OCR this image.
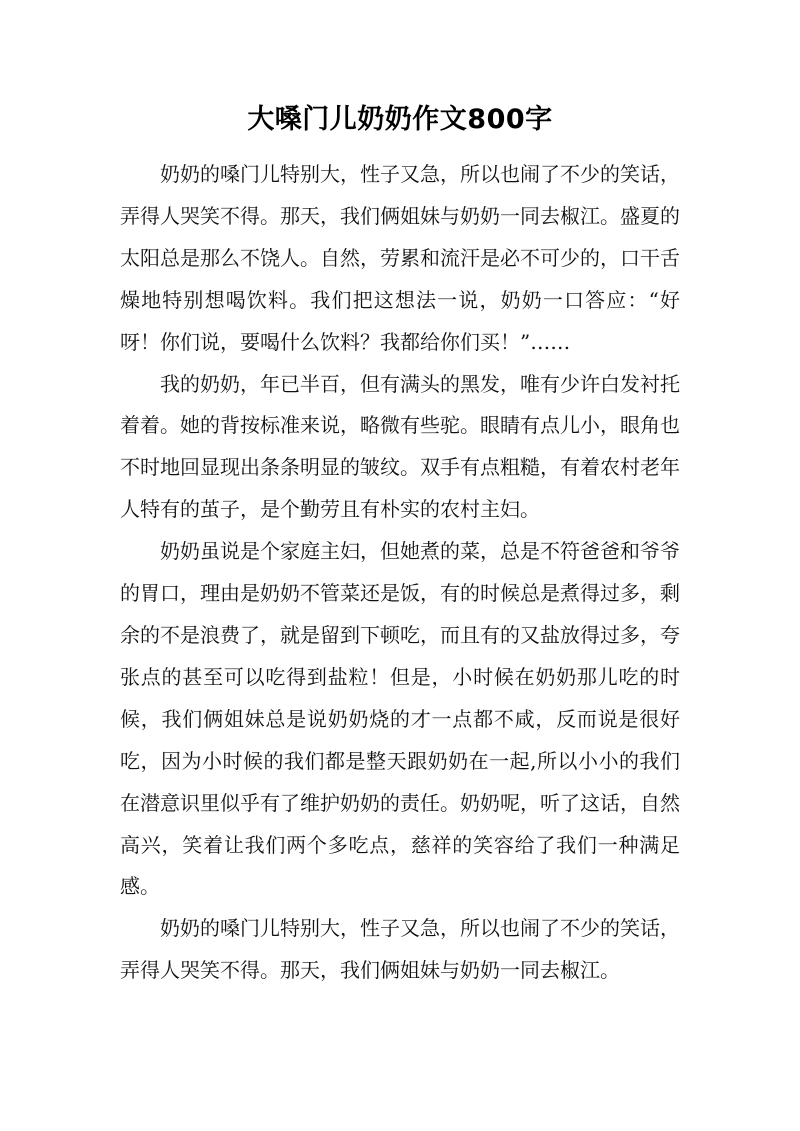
大嗓门儿奶奶作文800字

奶奶的嗓门儿特别大，性子又急，所以也闹了不少的笑话，弄得人哭笑不得。那天，我们俩姐妹与奶奶一同去椒江。盛夏的太阳总是那么不饶人。自然，劳累和流汗是必不可少的，口干舌燥地特别想喝饮料。我们把这想法一说，奶奶一口答应：“好呀！你们说，要喝什么饮料？我都给你们买！”……

我的奶奶，年已半百，但有满头的黑发，唯有少许白发衬托着着。她的背按标准来说，略微有些驼。眼睛有点儿小，眼角也不时地回显现出条条明显的皱纹。双手有点粗糙，有着农村老年人特有的茧子，是个勤劳且有朴实的农村主妇。

奶奶虽说是个家庭主妇，但她煮的菜，总是不符爸爸和爷爷的胃口，理由是奶奶不管菜还是饭，有的时候总是煮得过多，剩余的不是浪费了，就是留到下顿吃，而且有的又盐放得过多，夸张点的甚至可以吃得到盐粒！但是，小时候在奶奶那儿吃的时候，我们俩姐妹总是说奶奶烧的才一点都不咸，反而说是很好吃，因为小时候的我们都是整天跟奶奶在一起,所以小小的我们在潜意识里似乎有了维护奶奶的责任。奶奶呢，听了这话，自然高兴，笑着让我们两个多吃点，慈祥的笑容给了我们一种满足感。

奶奶的嗓门儿特别大，性子又急，所以也闹了不少的笑话，弄得人哭笑不得。那天，我们俩姐妹与奶奶一同去椒江。
